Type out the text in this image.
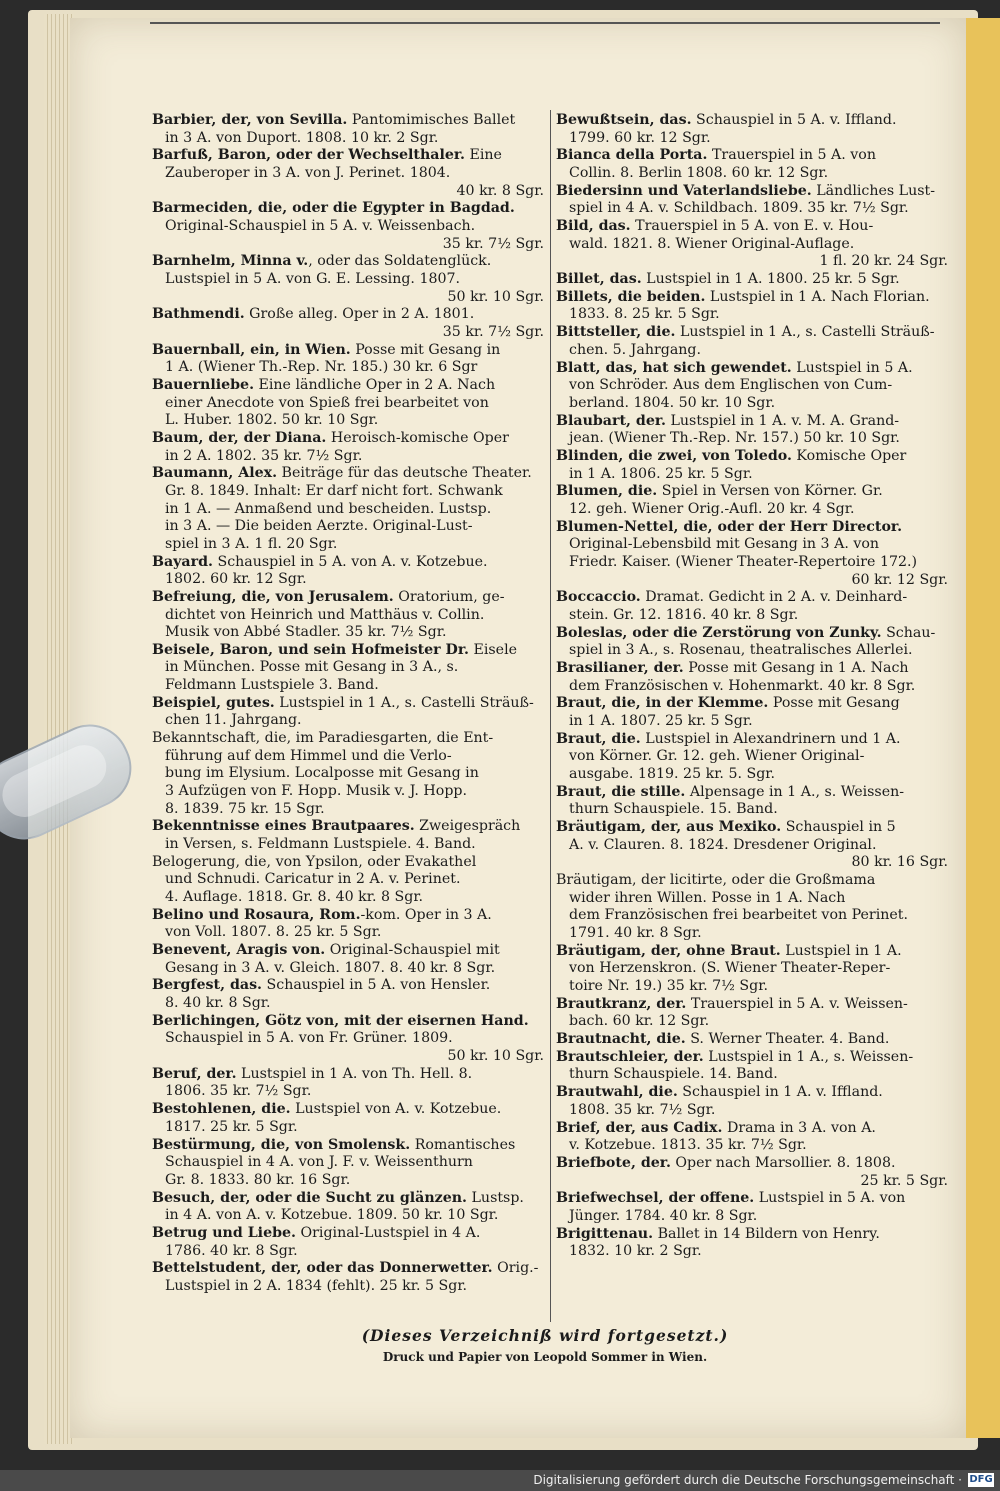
Barbier, der, von Sevilla. Pantomimisches Ballet
in 3 A. von Duport. 1808. 10 kr. 2 Sgr.
Barfuß, Baron, oder der Wechselthaler. Eine
Zauberoper in 3 A. von J. Perinet. 1804.
40 kr. 8 Sgr.
Barmeciden, die, oder die Egypter in Bagdad.
Original-Schauspiel in 5 A. v. Weissenbach.
35 kr. 7½ Sgr.
Barnhelm, Minna v., oder das Soldatenglück.
Lustspiel in 5 A. von G. E. Lessing. 1807.
50 kr. 10 Sgr.
Bathmendi. Große alleg. Oper in 2 A. 1801.
35 kr. 7½ Sgr.
Bauernball, ein, in Wien. Posse mit Gesang in
1 A. (Wiener Th.-Rep. Nr. 185.) 30 kr. 6 Sgr
Bauernliebe. Eine ländliche Oper in 2 A. Nach
einer Anecdote von Spieß frei bearbeitet von
L. Huber. 1802. 50 kr. 10 Sgr.
Baum, der, der Diana. Heroisch-komische Oper
in 2 A. 1802. 35 kr. 7½ Sgr.
Baumann, Alex. Beiträge für das deutsche Theater.
Gr. 8. 1849. Inhalt: Er darf nicht fort. Schwank
in 1 A. — Anmaßend und bescheiden. Lustsp.
in 3 A. — Die beiden Aerzte. Original-Lust-
spiel in 3 A. 1 fl. 20 Sgr.
Bayard. Schauspiel in 5 A. von A. v. Kotzebue.
1802. 60 kr. 12 Sgr.
Befreiung, die, von Jerusalem. Oratorium, ge-
dichtet von Heinrich und Matthäus v. Collin.
Musik von Abbé Stadler. 35 kr. 7½ Sgr.
Beisele, Baron, und sein Hofmeister Dr. Eisele
in München. Posse mit Gesang in 3 A., s.
Feldmann Lustspiele 3. Band.
Beispiel, gutes. Lustspiel in 1 A., s. Castelli Sträuß-
chen 11. Jahrgang.
Bekanntschaft, die, im Paradiesgarten, die Ent-
führung auf dem Himmel und die Verlo-
bung im Elysium. Localposse mit Gesang in
3 Aufzügen von F. Hopp. Musik v. J. Hopp.
8. 1839. 75 kr. 15 Sgr.
Bekenntnisse eines Brautpaares. Zweigespräch
in Versen, s. Feldmann Lustspiele. 4. Band.
Belogerung, die, von Ypsilon, oder Evakathel
und Schnudi. Caricatur in 2 A. v. Perinet.
4. Auflage. 1818. Gr. 8. 40 kr. 8 Sgr.
Belino und Rosaura, Rom.-kom. Oper in 3 A.
von Voll. 1807. 8. 25 kr. 5 Sgr.
Benevent, Aragis von. Original-Schauspiel mit
Gesang in 3 A. v. Gleich. 1807. 8. 40 kr. 8 Sgr.
Bergfest, das. Schauspiel in 5 A. von Hensler.
8. 40 kr. 8 Sgr.
Berlichingen, Götz von, mit der eisernen Hand.
Schauspiel in 5 A. von Fr. Grüner. 1809.
50 kr. 10 Sgr.
Beruf, der. Lustspiel in 1 A. von Th. Hell. 8.
1806. 35 kr. 7½ Sgr.
Bestohlenen, die. Lustspiel von A. v. Kotzebue.
1817. 25 kr. 5 Sgr.
Bestürmung, die, von Smolensk. Romantisches
Schauspiel in 4 A. von J. F. v. Weissenthurn
Gr. 8. 1833. 80 kr. 16 Sgr.
Besuch, der, oder die Sucht zu glänzen. Lustsp.
in 4 A. von A. v. Kotzebue. 1809. 50 kr. 10 Sgr.
Betrug und Liebe. Original-Lustspiel in 4 A.
1786. 40 kr. 8 Sgr.
Bettelstudent, der, oder das Donnerwetter. Orig.-
Lustspiel in 2 A. 1834 (fehlt). 25 kr. 5 Sgr.
Bewußtsein, das. Schauspiel in 5 A. v. Iffland.
1799. 60 kr. 12 Sgr.
Bianca della Porta. Trauerspiel in 5 A. von
Collin. 8. Berlin 1808. 60 kr. 12 Sgr.
Biedersinn und Vaterlandsliebe. Ländliches Lust-
spiel in 4 A. v. Schildbach. 1809. 35 kr. 7½ Sgr.
Bild, das. Trauerspiel in 5 A. von E. v. Hou-
wald. 1821. 8. Wiener Original-Auflage.
1 fl. 20 kr. 24 Sgr.
Billet, das. Lustspiel in 1 A. 1800. 25 kr. 5 Sgr.
Billets, die beiden. Lustspiel in 1 A. Nach Florian.
1833. 8. 25 kr. 5 Sgr.
Bittsteller, die. Lustspiel in 1 A., s. Castelli Sträuß-
chen. 5. Jahrgang.
Blatt, das, hat sich gewendet. Lustspiel in 5 A.
von Schröder. Aus dem Englischen von Cum-
berland. 1804. 50 kr. 10 Sgr.
Blaubart, der. Lustspiel in 1 A. v. M. A. Grand-
jean. (Wiener Th.-Rep. Nr. 157.) 50 kr. 10 Sgr.
Blinden, die zwei, von Toledo. Komische Oper
in 1 A. 1806. 25 kr. 5 Sgr.
Blumen, die. Spiel in Versen von Körner. Gr.
12. geh. Wiener Orig.-Aufl. 20 kr. 4 Sgr.
Blumen-Nettel, die, oder der Herr Director.
Original-Lebensbild mit Gesang in 3 A. von
Friedr. Kaiser. (Wiener Theater-Repertoire 172.)
60 kr. 12 Sgr.
Boccaccio. Dramat. Gedicht in 2 A. v. Deinhard-
stein. Gr. 12. 1816. 40 kr. 8 Sgr.
Boleslas, oder die Zerstörung von Zunky. Schau-
spiel in 3 A., s. Rosenau, theatralisches Allerlei.
Brasilianer, der. Posse mit Gesang in 1 A. Nach
dem Französischen v. Hohenmarkt. 40 kr. 8 Sgr.
Braut, die, in der Klemme. Posse mit Gesang
in 1 A. 1807. 25 kr. 5 Sgr.
Braut, die. Lustspiel in Alexandrinern und 1 A.
von Körner. Gr. 12. geh. Wiener Original-
ausgabe. 1819. 25 kr. 5. Sgr.
Braut, die stille. Alpensage in 1 A., s. Weissen-
thurn Schauspiele. 15. Band.
Bräutigam, der, aus Mexiko. Schauspiel in 5
A. v. Clauren. 8. 1824. Dresdener Original.
80 kr. 16 Sgr.
Bräutigam, der licitirte, oder die Großmama
wider ihren Willen. Posse in 1 A. Nach
dem Französischen frei bearbeitet von Perinet.
1791. 40 kr. 8 Sgr.
Bräutigam, der, ohne Braut. Lustspiel in 1 A.
von Herzenskron. (S. Wiener Theater-Reper-
toire Nr. 19.) 35 kr. 7½ Sgr.
Brautkranz, der. Trauerspiel in 5 A. v. Weissen-
bach. 60 kr. 12 Sgr.
Brautnacht, die. S. Werner Theater. 4. Band.
Brautschleier, der. Lustspiel in 1 A., s. Weissen-
thurn Schauspiele. 14. Band.
Brautwahl, die. Schauspiel in 1 A. v. Iffland.
1808. 35 kr. 7½ Sgr.
Brief, der, aus Cadix. Drama in 3 A. von A.
v. Kotzebue. 1813. 35 kr. 7½ Sgr.
Briefbote, der. Oper nach Marsollier. 8. 1808.
25 kr. 5 Sgr.
Briefwechsel, der offene. Lustspiel in 5 A. von
Jünger. 1784. 40 kr. 8 Sgr.
Brigittenau. Ballet in 14 Bildern von Henry.
1832. 10 kr. 2 Sgr.
(Dieses Verzeichniß wird fortgesetzt.)
Druck und Papier von Leopold Sommer in Wien.
Digitalisierung gefördert durch die Deutsche Forschungsgemeinschaft · DFG
